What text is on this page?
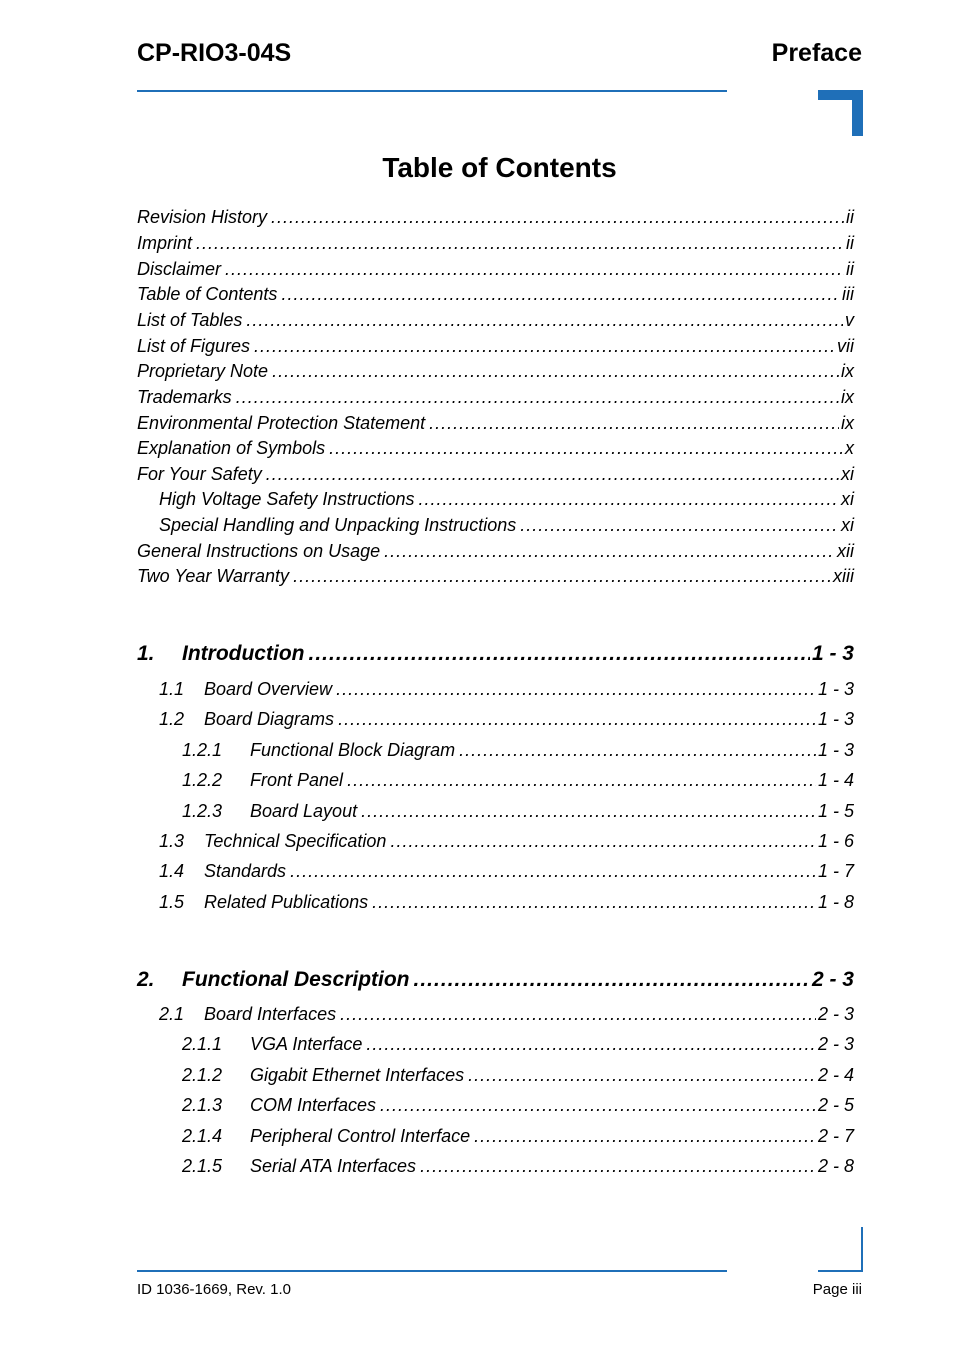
CP-RIO3-04S	Preface
Table of Contents
Revision History .....	ii
Imprint .....	ii
Disclaimer .....	ii
Table of Contents .....	iii
List of Tables .....	v
List of Figures .....	vii
Proprietary Note .....	ix
Trademarks .....	ix
Environmental Protection Statement .....	ix
Explanation of Symbols .....	x
For Your Safety .....	xi
High Voltage Safety Instructions .....	xi
Special Handling and Unpacking Instructions .....	xi
General Instructions on Usage .....	xii
Two Year Warranty .....	xiii
1.	Introduction .....	1 - 3
1.1	Board Overview .....	1 - 3
1.2	Board Diagrams .....	1 - 3
1.2.1	Functional Block Diagram .....	1 - 3
1.2.2	Front Panel .....	1 - 4
1.2.3	Board Layout .....	1 - 5
1.3	Technical Specification .....	1 - 6
1.4	Standards .....	1 - 7
1.5	Related Publications .....	1 - 8
2.	Functional Description .....	2 - 3
2.1	Board Interfaces .....	2 - 3
2.1.1	VGA Interface .....	2 - 3
2.1.2	Gigabit Ethernet Interfaces .....	2 - 4
2.1.3	COM Interfaces .....	2 - 5
2.1.4	Peripheral Control Interface .....	2 - 7
2.1.5	Serial ATA Interfaces .....	2 - 8
ID 1036-1669, Rev. 1.0	Page iii
